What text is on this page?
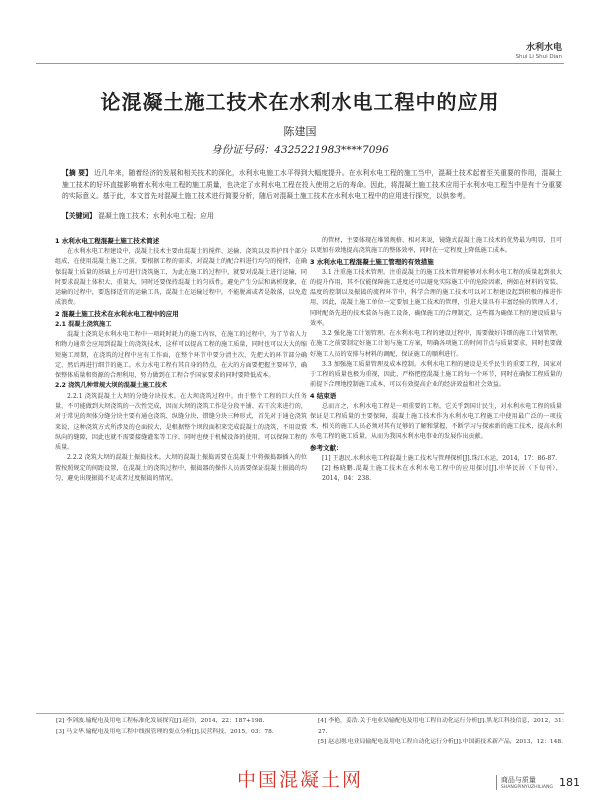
水利水电
Shui Li Shui Dian
论混凝土施工技术在水利水电工程中的应用
陈建国
身份证号码：4325221983****7096
【摘 要】 近几年来，随着经济的发展和相关技术的深化，水利水电施工水平得到大幅度提升。在水利水电工程的施工当中，混凝土技术起着至关重要的作用，混凝土施工技术的好坏直接影响着水利水电工程的施工质量，也决定了水利水电工程在投入使用之后的寿命。因此，将混凝土施工技术应用于水利水电工程当中是有十分重要的实际意义。基于此，本文首先对混凝土施工技术进行简要分析，随后对混凝土施工技术在水利水电工程中的应用进行探究，以供参考。
【关键词】 混凝土施工技术；水利水电工程；应用
1 水利水电工程混凝土施工技术简述

在水利水电工程建设中，混凝土技术主要由混凝土的搅拌、运输、浇筑以及养护四个部分组成，在使用混凝土施工之前，要根据工程的需求，对混凝土的配合料进行均匀的搅拌，在确保混凝土质量的基础上方可进行浇筑施工，为此在施工的过程中，就要对混凝土进行运输，同时要求混凝土体积大、重量大，同时还要保持混凝土的匀质性，避免产生分层和离析现象，在运输的过程中，要选择适宜的运输工具，混凝土在运输过程中，不能脱离或者是散落，以免造成浪费。

2 混凝土施工技术在水利水电工程中的应用
2.1 混凝土浇筑施工

混凝土浇筑是水利水电工程中一项耗时耗力的施工内容，在施工的过程中，为了节省人力和物力通常会应用到混凝土的浇筑技术，这样可以提高工程的施工质量，同时也可以大大的缩短施工周期，在浇筑的过程中应有工作面，在整个环节中要分清主次，先把大的环节部分确定，然后再进行细节的施工。水力水电工程有其自身的特点，在大的方面要把握主要环节，确保整体质量和资源的合理利用，努力做到在工程合乎国家要求的同时要降低成本。

2.2 浇筑几种常规大坝的混凝土施工技术

2.2.1 浇筑混凝土大坝的分缝分块技术。在大坝浇筑过程中，由于整个工程的巨大任务量，不可能做到大坝浇筑的一次性完成，因而大坝的浇筑工作是分段平铺、若干次来进行的，对于常见的坝体分缝分块主要有通仓浇筑、纵缝分块、错缝分块三种形式，首先对于通仓浇筑来说，这种浇筑方式所涉及的仓面较大，是根据整个坝段面积来完成混凝土的浇筑，不用设置纵向的缝隙，因此也就不需要接缝灌浆等工序，同时也便于机械设备的使用，可以保障工程的质量。

2.2.2 浇筑大坝的混凝土振捣技术。大坝的混凝土振捣需要在混凝土中将振捣器插入的位置按照规定的间距设置，在混凝土的浇筑过程中，振捣器的操作人员需要保证混凝土振捣的均匀，避免出现振捣不足或者过度振捣的情况。

的管材，主要体现在堆置规格、相对来说，镜缝式混凝土施工技术的优势最为明显，且可以更加有效地提高浇筑施工的整体效率，同时在一定程度上降低施工成本。

3 水利水电工程混凝土施工管理的有效措施

3.1 注重施工技术管理。注重混凝土的施工技术管理能够对水利水电工程的质量起到很大的提升作用，其不仅能保障施工进度还可以避免实际施工中的危险因素，例如在材料的安装、温度的控制以及振捣的流程环节中，科学合理的施工技术可以对工程建设起到积极的推进作用，因此，混凝土施工单位一定要加上施工技术的管理，引进大量具有丰富经验的管理人才，同时配备先进的技术装备与施工设备，确保施工的合理制定，这些都为确保工程的建设质量与效率。

3.2 强化施工计划管理。在水利水电工程的建设过程中，需要做好详细的施工计划管理，在施工之前要制定好施工计划与施工方案，明确各项施工的时间节点与质量要求，同时也要做好施工人员的安排与材料的调配，保证施工的顺利进行。

3.3 加强施工质量管理及成本控制。水利水电工程的建设是关乎民生的重要工程，国家对于工程的质量也极为重视，因此，严格把控混凝土施工的每一个环节，同时在确保工程质量的前提下合理地控制施工成本，可以有效提高企业的经济效益和社会效益。

4 结束语

总而言之，水利水电工程是一项重要的工程，它关乎到国计民生，对水利水电工程的质量保证是工程质量的主要保障，混凝土施工技术作为水利水电工程施工中使用最广泛的一项技术，相关的施工人员必须对其有足够的了解和掌握，不断学习与探索新的施工技术，提高水利水电工程的施工质量，从而为我国水利水电事业的发展作出贡献。

参考文献：

[1] 王惠民.水利水电工程混凝土施工技术与管理探析[J].珠江水运，2014，17：86-87.

[2] 杨晓鹏.混凝土施工技术在水利水电工程中的应用探讨[J].中华民居（下旬刊），2014，04：238.

[2] 李剑波.输配电及用电工程标准化发展探究[J].硅谷，2014，22：187+198.

[3] 马文华.输配电及用电工程中线损管理的要点分析[J].民营科技，2015，03：78.

[4] 李艳，姜浩.关于电业局输配电及用电工程自动化运行分析[J].黑龙江科技信息，2012，31：27.

[5] 赵志刚.电业局输配电及用电工程自动化运行分析[J].中国新技术新产品，2013，12：148.

中国混凝土网	商品与质量
SHANGPINYUZHILIANG 181
